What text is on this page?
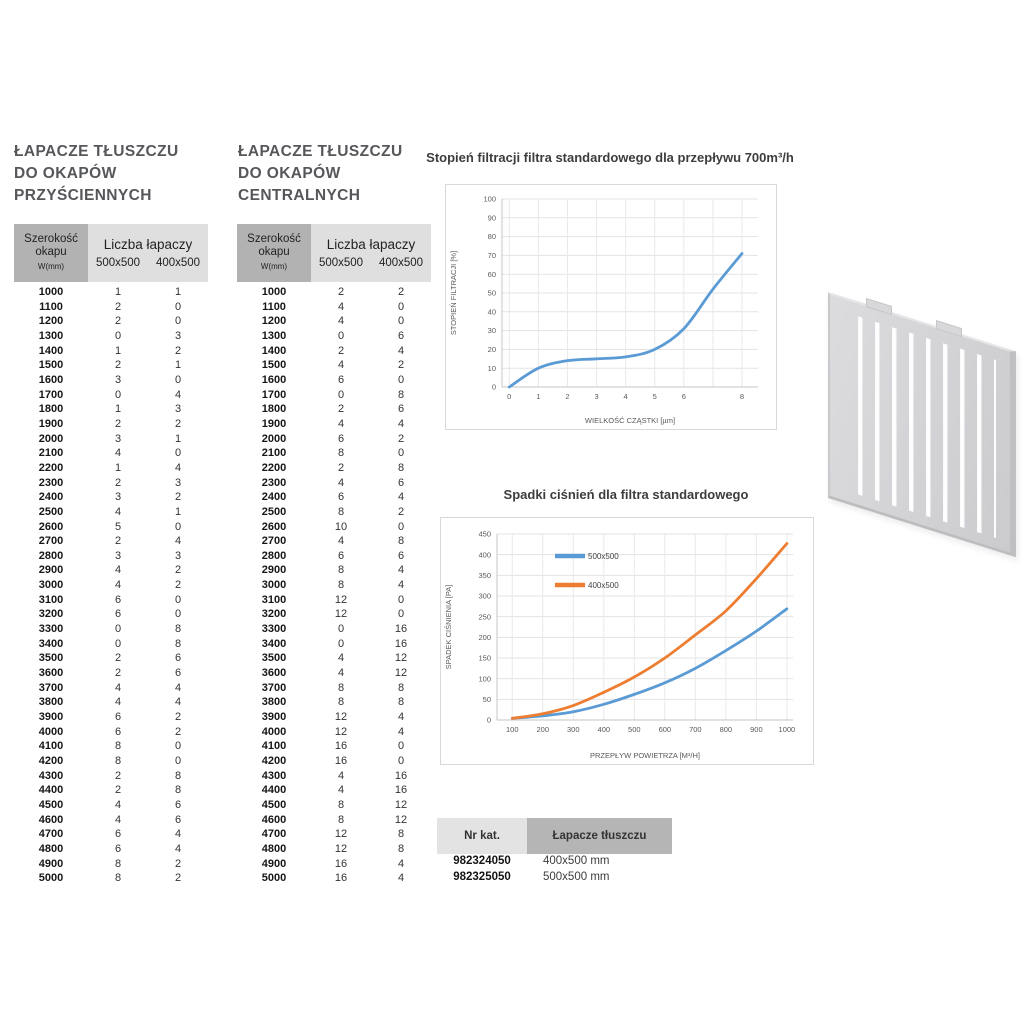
ŁAPACZE TŁUSZCZU
DO OKAPÓW
PRZYŚCIENNYCH
Szerokość
okapu
W(mm)
Liczba łapaczy
500x500	400x500
1000	1	1
1100	2	0
1200	2	0
1300	0	3
1400	1	2
1500	2	1
1600	3	0
1700	0	4
1800	1	3
1900	2	2
2000	3	1
2100	4	0
2200	1	4
2300	2	3
2400	3	2
2500	4	1
2600	5	0
2700	2	4
2800	3	3
2900	4	2
3000	4	2
3100	6	0
3200	6	0
3300	0	8
3400	0	8
3500	2	6
3600	2	6
3700	4	4
3800	4	4
3900	6	2
4000	6	2
4100	8	0
4200	8	0
4300	2	8
4400	2	8
4500	4	6
4600	4	6
4700	6	4
4800	6	4
4900	8	2
5000	8	2
ŁAPACZE TŁUSZCZU
DO OKAPÓW
CENTRALNYCH
Szerokość
okapu
W(mm)
Liczba łapaczy
500x500	400x500
1000	2	2
1100	4	0
1200	4	0
1300	0	6
1400	2	4
1500	4	2
1600	6	0
1700	0	8
1800	2	6
1900	4	4
2000	6	2
2100	8	0
2200	2	8
2300	4	6
2400	6	4
2500	8	2
2600	10	0
2700	4	8
2800	6	6
2900	8	4
3000	8	4
3100	12	0
3200	12	0
3300	0	16
3400	0	16
3500	4	12
3600	4	12
3700	8	8
3800	8	8
3900	12	4
4000	12	4
4100	16	0
4200	16	0
4300	4	16
4400	4	16
4500	8	12
4600	8	12
4700	12	8
4800	12	8
4900	16	4
5000	16	4
Stopień filtracji filtra standardowego dla przepływu 700m³/h
0
10
20
30
40
50
60
70
80
90
100
0	1	2	3	4	5	6	8
WIELKOŚĆ CZĄSTKI [µm]
STOPIEŃ FILTRACJI [%]
Spadki ciśnień dla filtra standardowego
0
50
100
150
200
250
300
350
400
450
100 200 300 400 500 600 700 800 900 1000
PRZEPŁYW POWIETRZA [M³/H]
SPADEK CIŚNIENIA [PA]
500x500
400x500
Nr kat.	Łapacze tłuszczu
982324050	400x500 mm
982325050	500x500 mm
